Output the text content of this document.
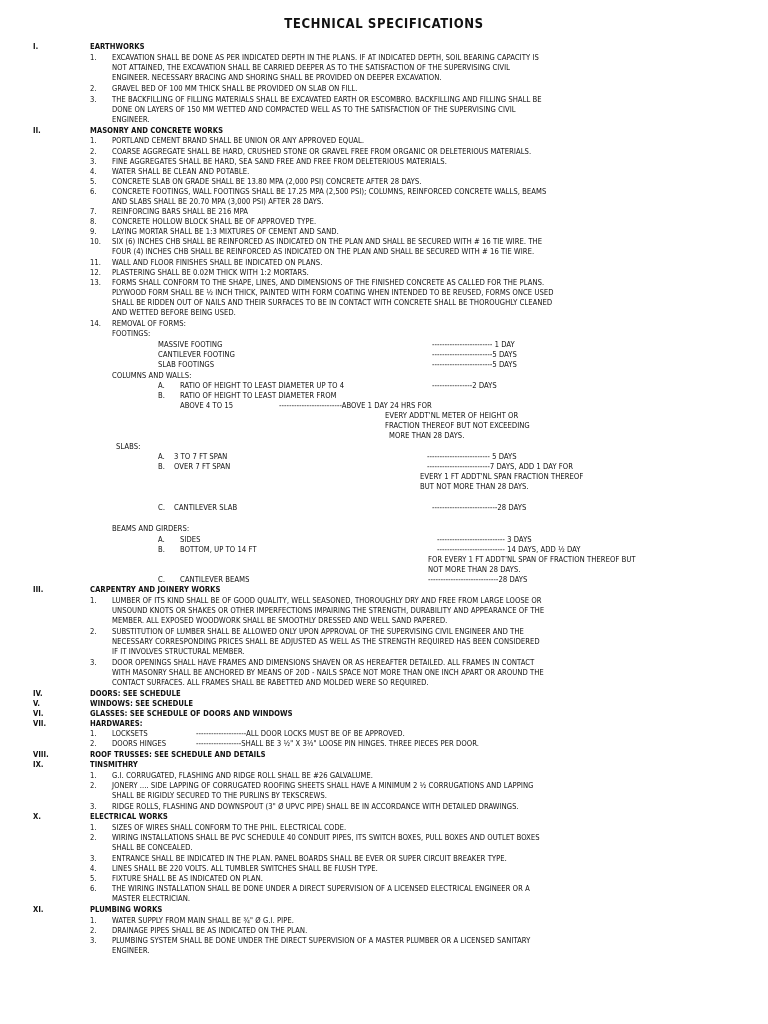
TECHNICAL SPECIFICATIONS
I.	EARTHWORKS
1. EXCAVATION SHALL BE DONE AS PER INDICATED DEPTH IN THE PLANS. IF AT INDICATED DEPTH, SOIL BEARING CAPACITY IS
NOT ATTAINED, THE EXCAVATION SHALL BE CARRIED DEEPER AS TO THE SATISFACTION OF THE SUPERVISING CIVIL
ENGINEER. NECESSARY BRACING AND SHORING SHALL BE PROVIDED ON DEEPER EXCAVATION.
2. GRAVEL BED OF 100 MM THICK SHALL BE PROVIDED ON SLAB ON FILL.
3. THE BACKFILLING OF FILLING MATERIALS SHALL BE EXCAVATED EARTH OR ESCOMBRO. BACKFILLING AND FILLING SHALL BE
DONE ON LAYERS OF 150 MM WETTED AND COMPACTED WELL AS TO THE SATISFACTION OF THE SUPERVISING CIVIL
ENGINEER.
II.	MASONRY AND CONCRETE WORKS
1. PORTLAND CEMENT BRAND SHALL BE UNION OR ANY APPROVED EQUAL.
2. COARSE AGGREGATE SHALL BE HARD, CRUSHED STONE OR GRAVEL FREE FROM ORGANIC OR DELETERIOUS MATERIALS.
3. FINE AGGREGATES SHALL BE HARD, SEA SAND FREE AND FREE FROM DELETERIOUS MATERIALS.
4. WATER SHALL BE CLEAN AND POTABLE.
5. CONCRETE SLAB ON GRADE SHALL BE 13.80 MPA (2,000 PSI) CONCRETE AFTER 28 DAYS.
6. CONCRETE FOOTINGS, WALL FOOTINGS SHALL BE 17.25 MPA (2,500 PSI); COLUMNS, REINFORCED CONCRETE WALLS, BEAMS
AND SLABS SHALL BE 20.70 MPA (3,000 PSI) AFTER 28 DAYS.
7. REINFORCING BARS SHALL BE 216 MPA
8. CONCRETE HOLLOW BLOCK SHALL BE OF APPROVED TYPE.
9. LAYING MORTAR SHALL BE 1:3 MIXTURES OF CEMENT AND SAND.
10. SIX (6) INCHES CHB SHALL BE REINFORCED AS INDICATED ON THE PLAN AND SHALL BE SECURED WITH # 16 TIE WIRE. THE
FOUR (4) INCHES CHB SHALL BE REINFORCED AS INDICATED ON THE PLAN AND SHALL BE SECURED WITH # 16 TIE WIRE.
11. WALL AND FLOOR FINISHES SHALL BE INDICATED ON PLANS.
12. PLASTERING SHALL BE 0.02M THICK WITH 1:2 MORTARS.
13. FORMS SHALL CONFORM TO THE SHAPE, LINES, AND DIMENSIONS OF THE FINISHED CONCRETE AS CALLED FOR THE PLANS.
PLYWOOD FORM SHALL BE ½ INCH THICK, PAINTED WITH FORM COATING WHEN INTENDED TO BE REUSED, FORMS ONCE USED
SHALL BE RIDDEN OUT OF NAILS AND THEIR SURFACES TO BE IN CONTACT WITH CONCRETE SHALL BE THOROUGHLY CLEANED
AND WETTED BEFORE BEING USED.
14. REMOVAL OF FORMS:
FOOTINGS:
MASSIVE FOOTING	------------------------ 1 DAY
CANTILEVER FOOTING	------------------------5 DAYS
SLAB FOOTINGS	------------------------5 DAYS
COLUMNS AND WALLS:
A. RATIO OF HEIGHT TO LEAST DIAMETER UP TO 4	----------------2 DAYS
B. RATIO OF HEIGHT TO LEAST DIAMETER FROM
ABOVE 4 TO 15	-------------------------ABOVE 1 DAY 24 HRS FOR
EVERY ADDT'NL METER OF HEIGHT OR
FRACTION THEREOF BUT NOT EXCEEDING
MORE THAN 28 DAYS.
SLABS:
A. 3 TO 7 FT SPAN	------------------------- 5 DAYS
B. OVER 7 FT SPAN	-------------------------7 DAYS, ADD 1 DAY FOR
EVERY 1 FT ADDT'NL SPAN FRACTION THEREOF
BUT NOT MORE THAN 28 DAYS.
C. CANTILEVER SLAB	--------------------------28 DAYS
BEAMS AND GIRDERS:
A. SIDES	--------------------------- 3 DAYS
B. BOTTOM, UP TO 14 FT	--------------------------- 14 DAYS, ADD ½ DAY
FOR EVERY 1 FT ADDT'NL SPAN OF FRACTION THEREOF BUT
NOT MORE THAN 28 DAYS.
C. CANTILEVER BEAMS	----------------------------28 DAYS
III.	CARPENTRY AND JOINERY WORKS
1. LUMBER OF ITS KIND SHALL BE OF GOOD QUALITY, WELL SEASONED, THOROUGHLY DRY AND FREE FROM LARGE LOOSE OR
UNSOUND KNOTS OR SHAKES OR OTHER IMPERFECTIONS IMPAIRING THE STRENGTH, DURABILITY AND APPEARANCE OF THE
MEMBER. ALL EXPOSED WOODWORK SHALL BE SMOOTHLY DRESSED AND WELL SAND PAPERED.
2. SUBSTITUTION OF LUMBER SHALL BE ALLOWED ONLY UPON APPROVAL OF THE SUPERVISING CIVIL ENGINEER AND THE
NECESSARY CORRESPONDING PRICES SHALL BE ADJUSTED AS WELL AS THE STRENGTH REQUIRED HAS BEEN CONSIDERED
IF IT INVOLVES STRUCTURAL MEMBER.
3. DOOR OPENINGS SHALL HAVE FRAMES AND DIMENSIONS SHAVEN OR AS HEREAFTER DETAILED. ALL FRAMES IN CONTACT
WITH MASONRY SHALL BE ANCHORED BY MEANS OF 20D - NAILS SPACE NOT MORE THAN ONE INCH APART OR AROUND THE
CONTACT SURFACES. ALL FRAMES SHALL BE RABETTED AND MOLDED WERE SO REQUIRED.
IV.	DOORS: SEE SCHEDULE
V.	WINDOWS: SEE SCHEDULE
VI.	GLASSES: SEE SCHEDULE OF DOORS AND WINDOWS
VII.	HARDWARES:
1. LOCKSETS	--------------------ALL DOOR LOCKS MUST BE OF BE APPROVED.
2. DOORS HINGES	------------------SHALL BE 3 ½" X 3½" LOOSE PIN HINGES. THREE PIECES PER DOOR.
VIII.	ROOF TRUSSES: SEE SCHEDULE AND DETAILS
IX.	TINSMITHRY
1. G.I. CORRUGATED, FLASHING AND RIDGE ROLL SHALL BE #26 GALVALUME.
2. JONERY .... SIDE LAPPING OF CORRUGATED ROOFING SHEETS SHALL HAVE A MINIMUM 2 ½ CORRUGATIONS AND LAPPING
SHALL BE RIGIDLY SECURED TO THE PURLINS BY TEKSCREWS.
3. RIDGE ROLLS, FLASHING AND DOWNSPOUT (3" Ø UPVC PIPE) SHALL BE IN ACCORDANCE WITH DETAILED DRAWINGS.
X.	ELECTRICAL WORKS
1. SIZES OF WIRES SHALL CONFORM TO THE PHIL. ELECTRICAL CODE.
2. WIRING INSTALLATIONS SHALL BE PVC SCHEDULE 40 CONDUIT PIPES, ITS SWITCH BOXES, PULL BOXES AND OUTLET BOXES
SHALL BE CONCEALED.
3. ENTRANCE SHALL BE INDICATED IN THE PLAN. PANEL BOARDS SHALL BE EVER OR SUPER CIRCUIT BREAKER TYPE.
4. LINES SHALL BE 220 VOLTS. ALL TUMBLER SWITCHES SHALL BE FLUSH TYPE.
5. FIXTURE SHALL BE AS INDICATED ON PLAN.
6. THE WIRING INSTALLATION SHALL BE DONE UNDER A DIRECT SUPERVISION OF A LICENSED ELECTRICAL ENGINEER OR A
MASTER ELECTRICIAN.
XI.	PLUMBING WORKS
1. WATER SUPPLY FROM MAIN SHALL BE ¾" Ø G.I. PIPE.
2. DRAINAGE PIPES SHALL BE AS INDICATED ON THE PLAN.
3. PLUMBING SYSTEM SHALL BE DONE UNDER THE DIRECT SUPERVISION OF A MASTER PLUMBER OR A LICENSED SANITARY
ENGINEER.
